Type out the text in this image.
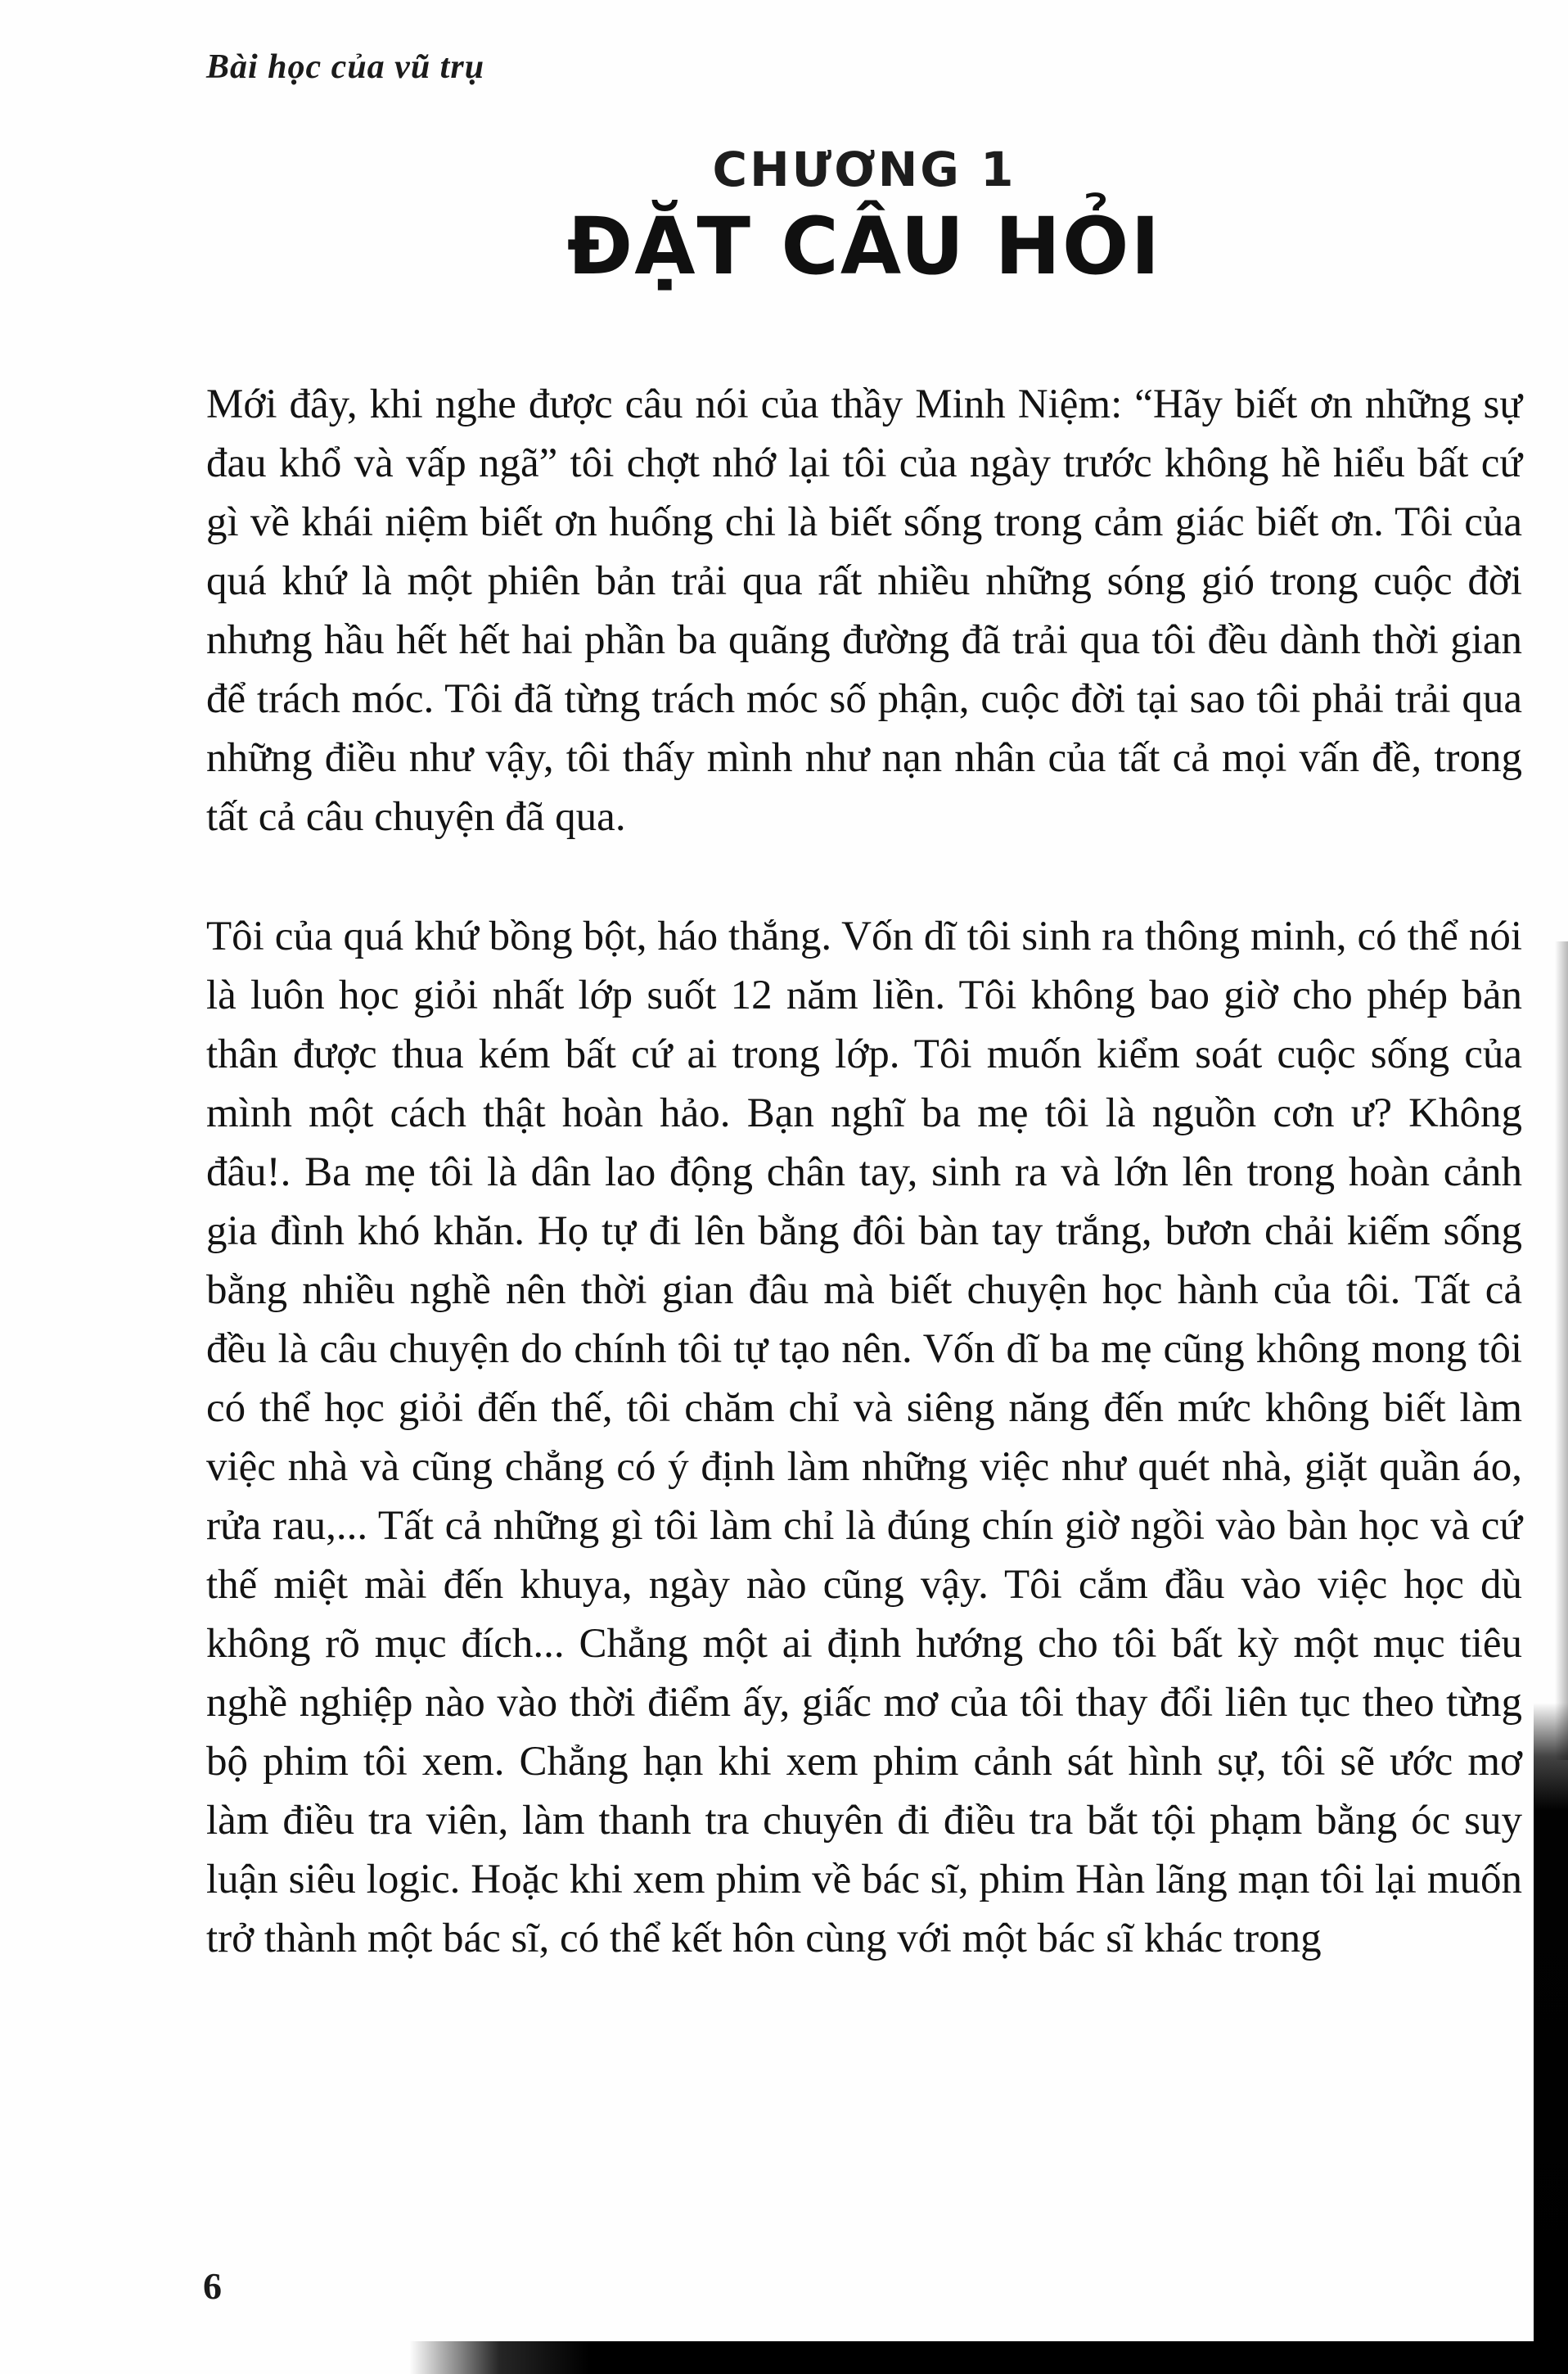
Bài học của vũ trụ
CHƯƠNG 1
ĐẶT CÂU HỎI

Mới đây, khi nghe được câu nói của thầy Minh Niệm: “Hãy biết ơn những sự đau khổ và vấp ngã” tôi chợt nhớ lại tôi của ngày trước không hề hiểu bất cứ gì về khái niệm biết ơn huống chi là biết sống trong cảm giác biết ơn. Tôi của quá khứ là một phiên bản trải qua rất nhiều những sóng gió trong cuộc đời nhưng hầu hết hết hai phần ba quãng đường đã trải qua tôi đều dành thời gian để trách móc. Tôi đã từng trách móc số phận, cuộc đời tại sao tôi phải trải qua những điều như vậy, tôi thấy mình như nạn nhân của tất cả mọi vấn đề, trong tất cả câu chuyện đã qua.

Tôi của quá khứ bồng bột, háo thắng. Vốn dĩ tôi sinh ra thông minh, có thể nói là luôn học giỏi nhất lớp suốt 12 năm liền. Tôi không bao giờ cho phép bản thân được thua kém bất cứ ai trong lớp. Tôi muốn kiểm soát cuộc sống của mình một cách thật hoàn hảo. Bạn nghĩ ba mẹ tôi là nguồn cơn ư? Không đâu!. Ba mẹ tôi là dân lao động chân tay, sinh ra và lớn lên trong hoàn cảnh gia đình khó khăn. Họ tự đi lên bằng đôi bàn tay trắng, bươn chải kiếm sống bằng nhiều nghề nên thời gian đâu mà biết chuyện học hành của tôi. Tất cả đều là câu chuyện do chính tôi tự tạo nên. Vốn dĩ ba mẹ cũng không mong tôi có thể học giỏi đến thế, tôi chăm chỉ và siêng năng đến mức không biết làm việc nhà và cũng chẳng có ý định làm những việc như quét nhà, giặt quần áo, rửa rau,... Tất cả những gì tôi làm chỉ là đúng chín giờ ngồi vào bàn học và cứ thế miệt mài đến khuya, ngày nào cũng vậy. Tôi cắm đầu vào việc học dù không rõ mục đích... Chẳng một ai định hướng cho tôi bất kỳ một mục tiêu nghề nghiệp nào vào thời điểm ấy, giấc mơ của tôi thay đổi liên tục theo từng bộ phim tôi xem. Chẳng hạn khi xem phim cảnh sát hình sự, tôi sẽ ước mơ làm điều tra viên, làm thanh tra chuyên đi điều tra bắt tội phạm bằng óc suy luận siêu logic. Hoặc khi xem phim về bác sĩ, phim Hàn lãng mạn tôi lại muốn trở thành một bác sĩ, có thể kết hôn cùng với một bác sĩ khác trong

6
